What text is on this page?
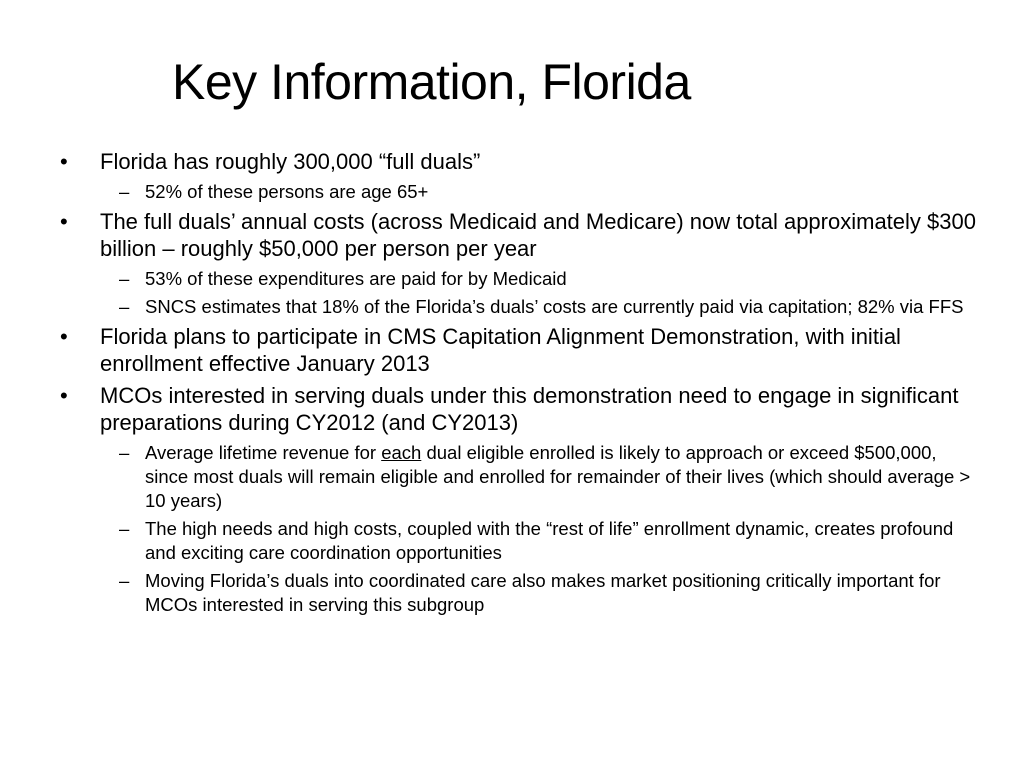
Key Information, Florida
• Florida has roughly 300,000 “full duals”
– 52% of these persons are age 65+
• The full duals’ annual costs (across Medicaid and Medicare) now total approximately $300 billion – roughly $50,000 per person per year
– 53% of these expenditures are paid for by Medicaid
– SNCS estimates that 18% of the Florida’s duals’ costs are currently paid via capitation; 82% via FFS
• Florida plans to participate in CMS Capitation Alignment Demonstration, with initial enrollment effective January 2013
• MCOs interested in serving duals under this demonstration need to engage in significant preparations during CY2012 (and CY2013)
– Average lifetime revenue for each dual eligible enrolled is likely to approach or exceed $500,000, since most duals will remain eligible and enrolled for remainder of their lives (which should average > 10 years)
– The high needs and high costs, coupled with the “rest of life” enrollment dynamic, creates profound and exciting care coordination opportunities
– Moving Florida’s duals into coordinated care also makes market positioning critically important for MCOs interested in serving this subgroup
